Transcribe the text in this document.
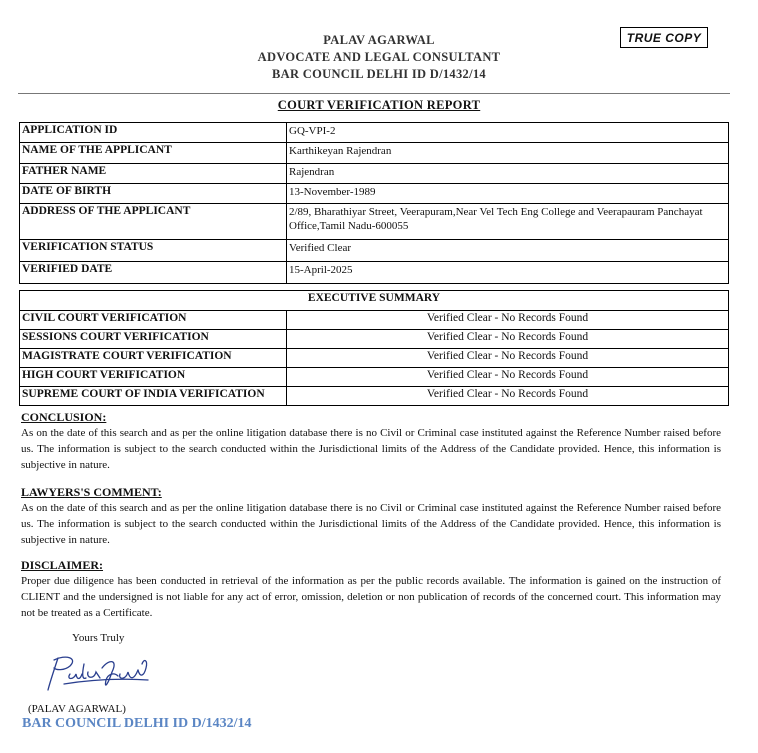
PALAV AGARWAL
ADVOCATE AND LEGAL CONSULTANT
BAR COUNCIL DELHI ID D/1432/14
TRUE COPY
COURT VERIFICATION REPORT
APPLICATION ID	GQ-VPI-2
NAME OF THE APPLICANT	Karthikeyan Rajendran
FATHER NAME	Rajendran
DATE OF BIRTH	13-November-1989
ADDRESS OF THE APPLICANT	2/89, Bharathiyar Street, Veerapuram,Near Vel Tech Eng College and Veerapauram Panchayat Office,Tamil Nadu-600055
VERIFICATION STATUS	Verified Clear
VERIFIED DATE	15-April-2025
EXECUTIVE SUMMARY	
CIVIL COURT VERIFICATION	Verified Clear - No Records Found
SESSIONS COURT VERIFICATION	Verified Clear - No Records Found
MAGISTRATE COURT VERIFICATION	Verified Clear - No Records Found
HIGH COURT VERIFICATION	Verified Clear - No Records Found
SUPREME COURT OF INDIA VERIFICATION	Verified Clear - No Records Found
CONCLUSION:
As on the date of this search and as per the online litigation database there is no Civil or Criminal case instituted against the Reference Number raised before us. The information is subject to the search conducted within the Jurisdictional limits of the Address of the Candidate provided. Hence, this information is subjective in nature.
LAWYERS'S COMMENT:
As on the date of this search and as per the online litigation database there is no Civil or Criminal case instituted against the Reference Number raised before us. The information is subject to the search conducted within the Jurisdictional limits of the Address of the Candidate provided. Hence, this information is subjective in nature.
DISCLAIMER:
Proper due diligence has been conducted in retrieval of the information as per the public records available. The information is gained on the instruction of CLIENT and the undersigned is not liable for any act of error, omission, deletion or non publication of records of the concerned court. This information may not be treated as a Certificate.
Yours Truly
(PALAV AGARWAL)
BAR COUNCIL DELHI ID D/1432/14
